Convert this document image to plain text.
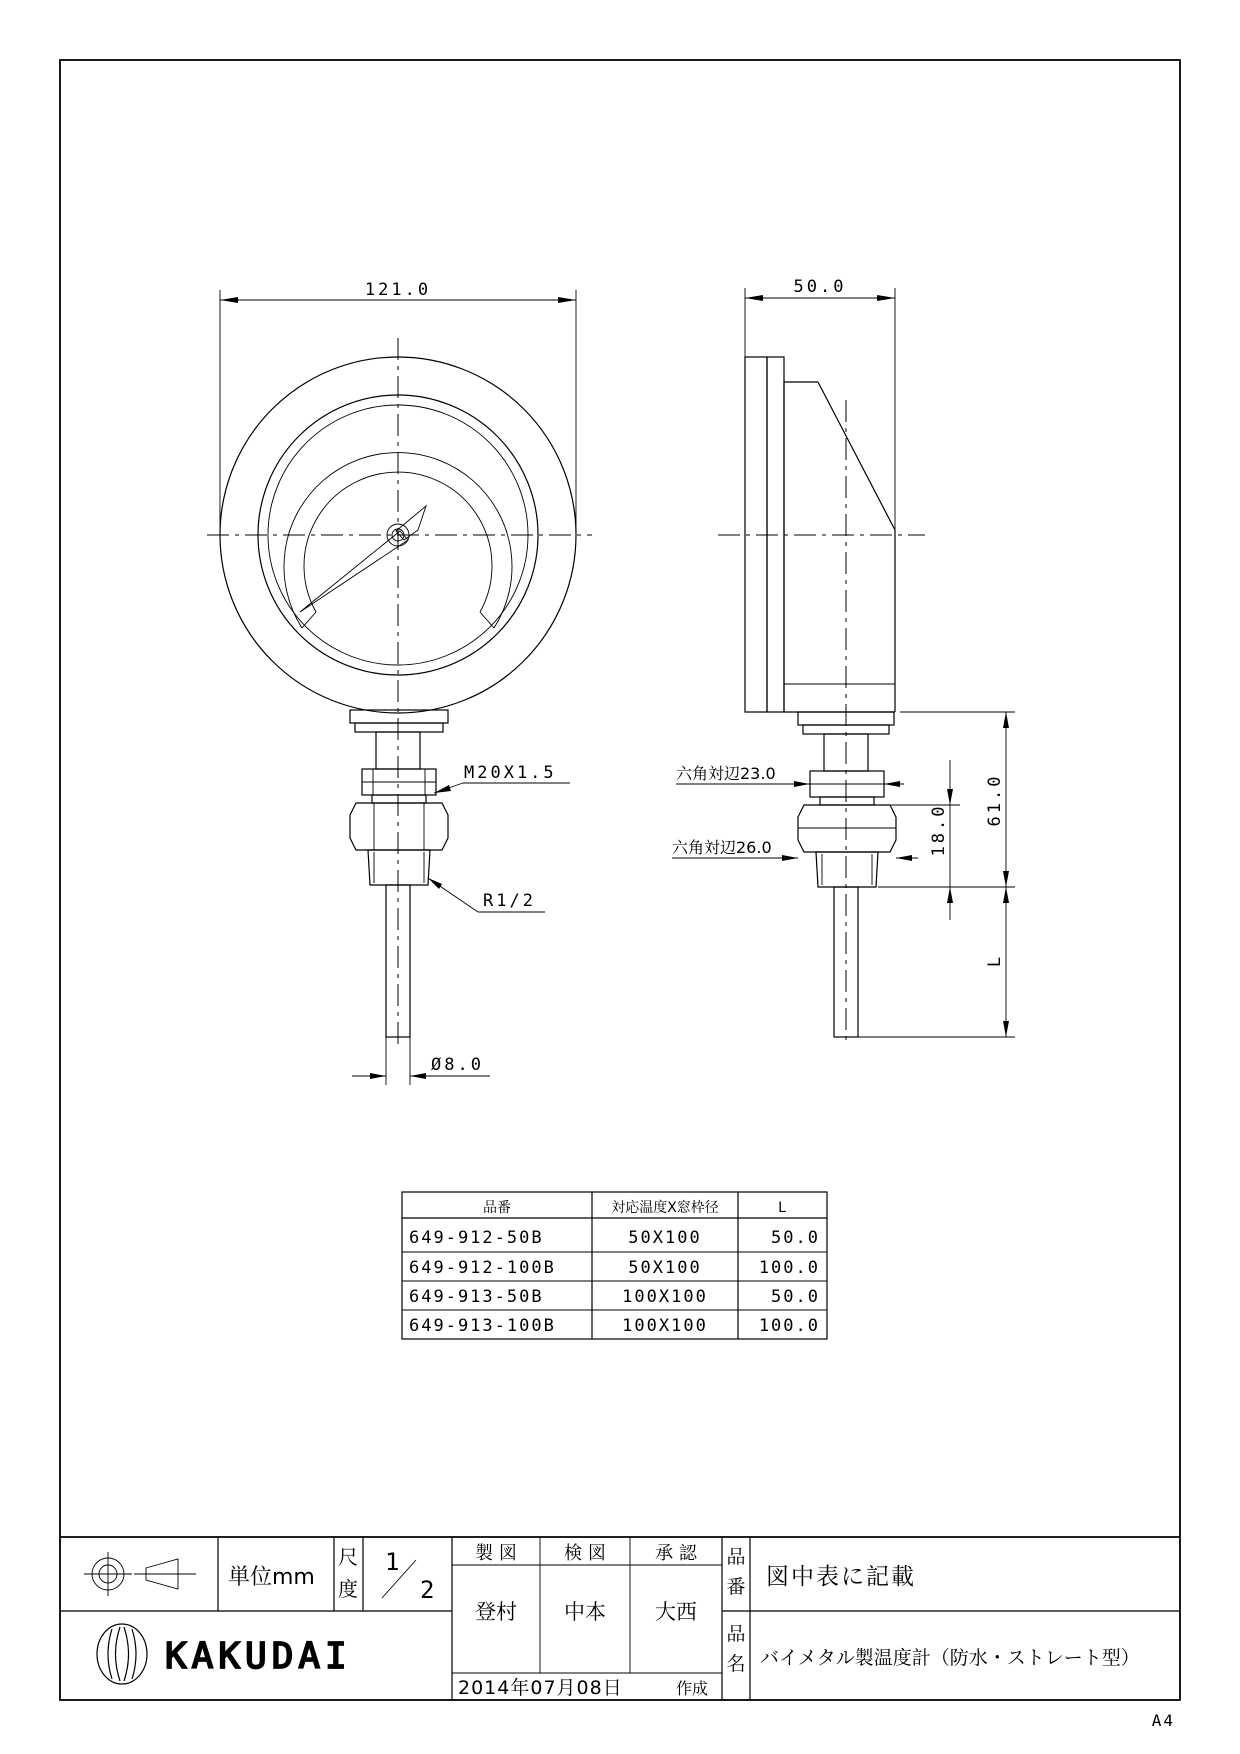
121.0
M20X1.5
R1/2
Ø8.0
50.0
六角対辺23.0
六角対辺26.0	18.0
61.0
L
品番	対応温度X窓枠径	L
649-912-50B	50X100	50.0
649-912-100B	50X100	100.0
649-913-50B	100X100	50.0
649-913-100B	100X100	100.0
単位mm
尺
度
1
2
製 図	検 図	承 認
登村 中本 大西
品
番 図中表に記載
品
名 バイメタル製温度計（防水・ストレート型）
2014年07月08日	作成
KAKUDAI
A4
